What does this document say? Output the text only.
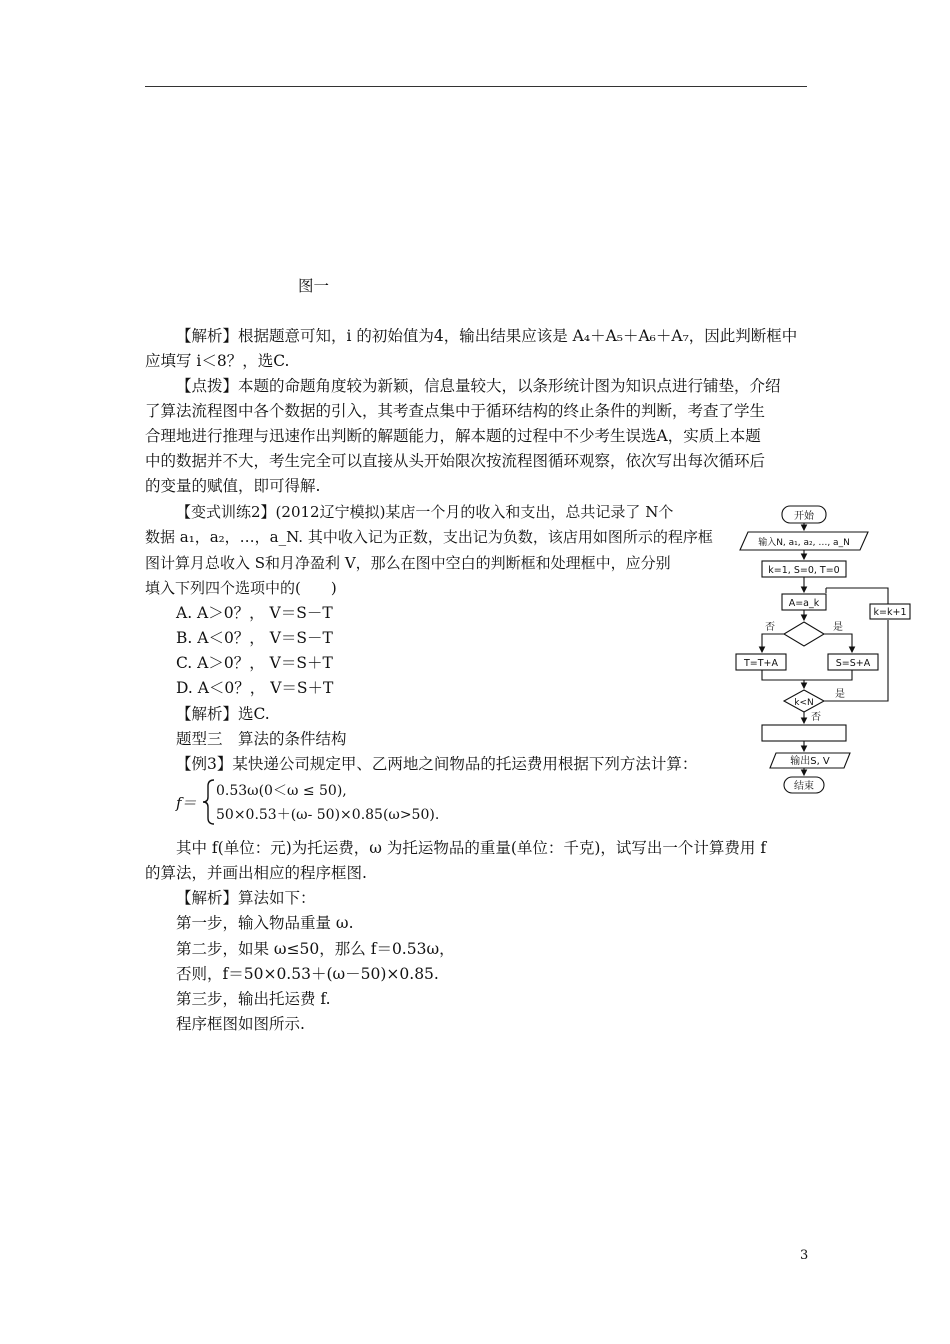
图一
【解析】根据题意可知，i 的初始值为4，输出结果应该是 A₄＋A₅＋A₆＋A₇，因此判断框中
应填写 i＜8？，选C.
【点拨】本题的命题角度较为新颖，信息量较大，以条形统计图为知识点进行铺垫，介绍
了算法流程图中各个数据的引入，其考查点集中于循环结构的终止条件的判断，考查了学生
合理地进行推理与迅速作出判断的解题能力，解本题的过程中不少考生误选A，实质上本题
中的数据并不大，考生完全可以直接从头开始限次按流程图循环观察，依次写出每次循环后
的变量的赋值，即可得解.
【变式训练2】(2012辽宁模拟)某店一个月的收入和支出，总共记录了 N个
数据 a₁，a₂，…，a_N. 其中收入记为正数，支出记为负数，该店用如图所示的程序框
图计算月总收入 S和月净盈利 V，那么在图中空白的判断框和处理框中，应分别
填入下列四个选项中的(　　)
A. A＞0？， V＝S－T
B. A＜0？， V＝S－T
C. A＞0？， V＝S＋T
D. A＜0？， V＝S＋T
【解析】选C.
题型三　算法的条件结构
【例3】某快递公司规定甲、乙两地之间物品的托运费用根据下列方法计算：
f＝
0.53ω(0＜ω ≤ 50),
50×0.53＋(ω- 50)×0.85(ω>50).
其中 f(单位：元)为托运费，ω 为托运物品的重量(单位：千克)，试写出一个计算费用 f
的算法，并画出相应的程序框图.
【解析】算法如下：
第一步，输入物品重量 ω.
第二步，如果 ω≤50，那么 f＝0.53ω，
否则，f＝50×0.53＋(ω－50)×0.85.
第三步，输出托运费 f.
程序框图如图所示.
开始
输入N, a₁, a₂, …, a_N
k=1, S=0, T=0
A=a_k
否	是
T=T+A	S=S+A
k=k+1
k<N
是
否
输出S, V
结束
3
